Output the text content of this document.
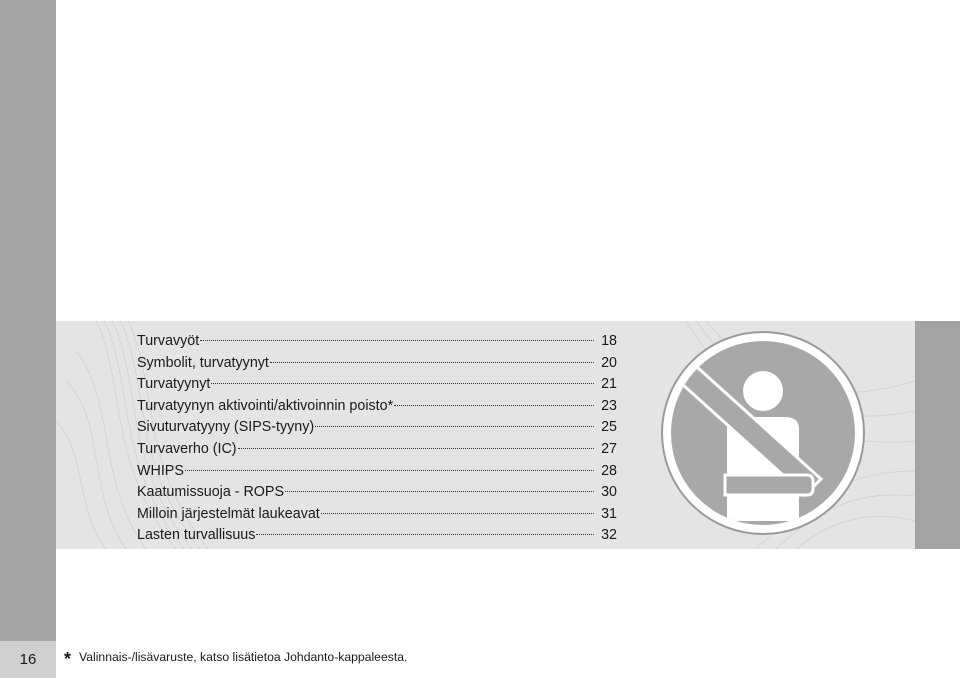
16
Turvavyöt	18
Symbolit, turvatyynyt	20
Turvatyynyt	21
Turvatyynyn aktivointi/aktivoinnin poisto*	23
Sivuturvatyyny (SIPS-tyyny)	25
Turvaverho (IC)	27
WHIPS	28
Kaatumissuoja - ROPS	30
Milloin järjestelmät laukeavat	31
Lasten turvallisuus	32
* Valinnais-/lisävaruste, katso lisätietoa Johdanto-kappaleesta.
